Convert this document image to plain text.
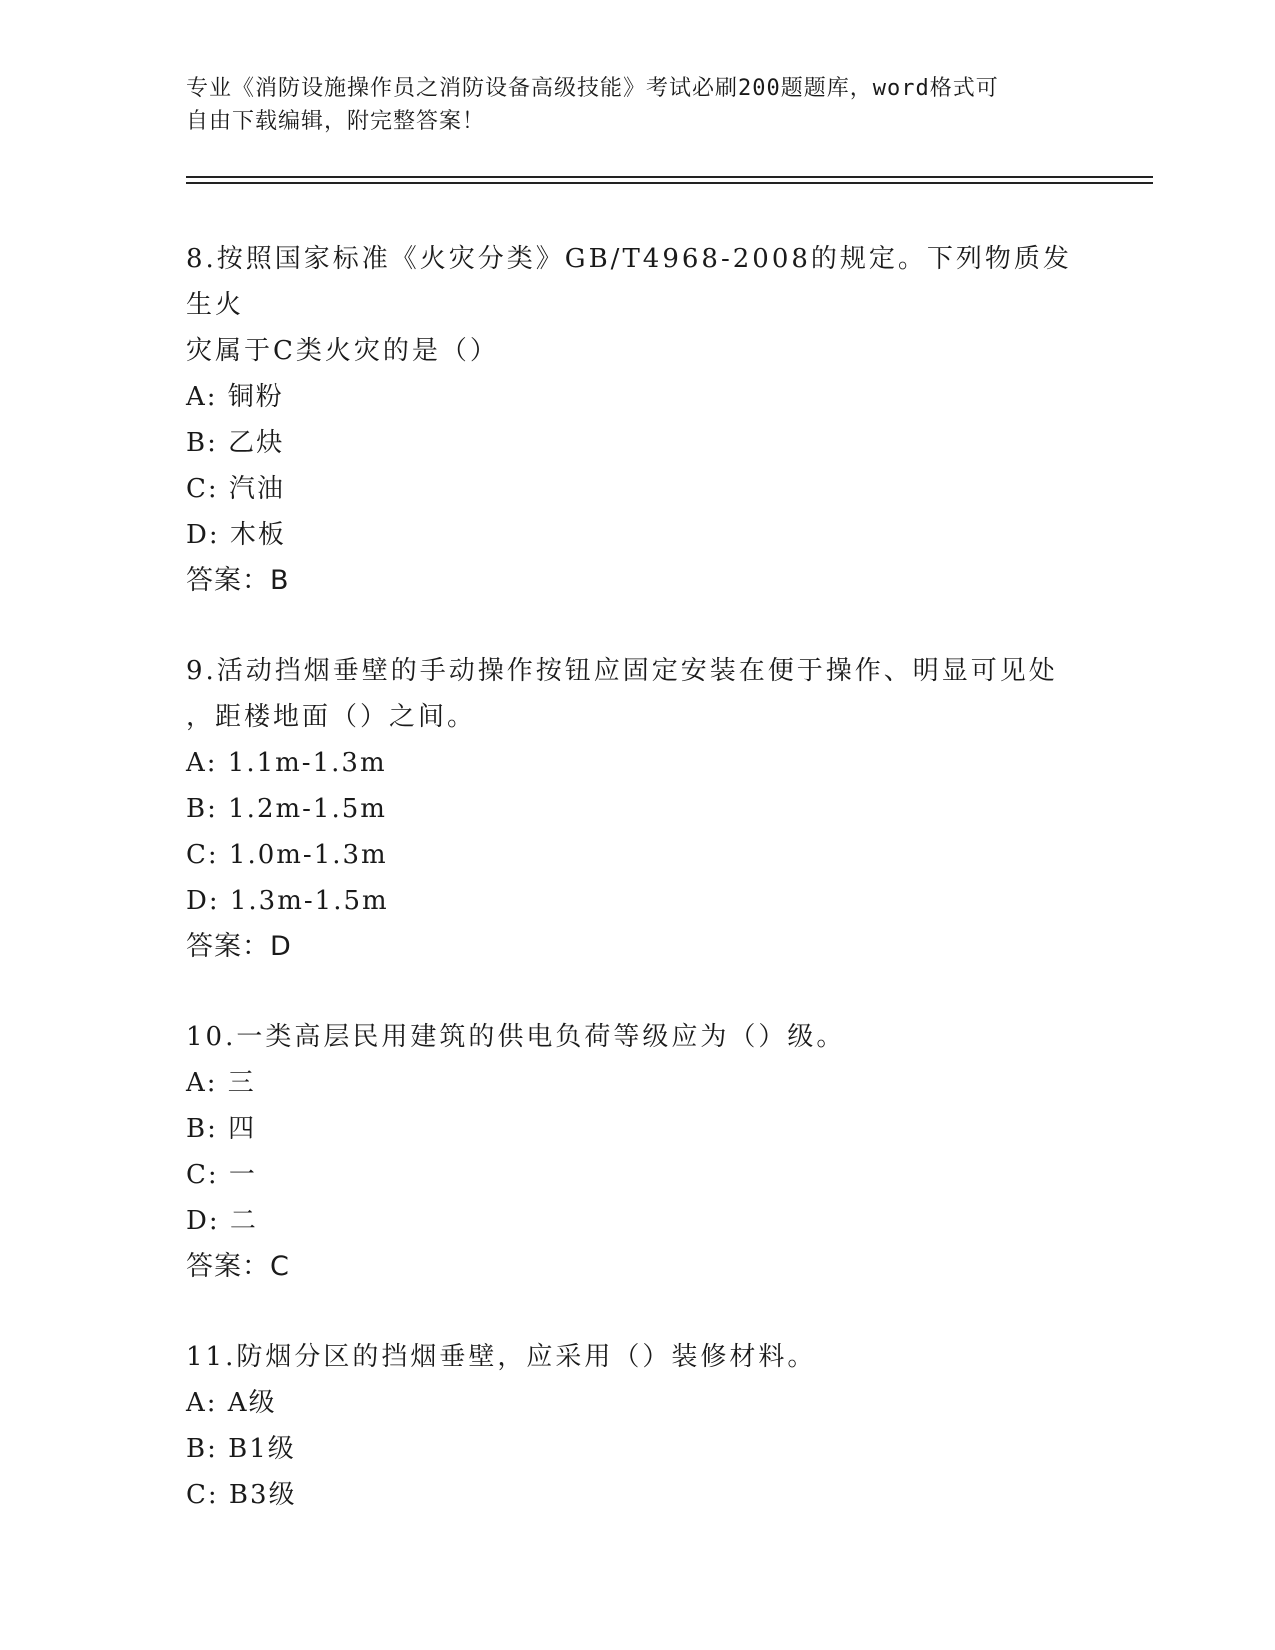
专业《消防设施操作员之消防设备高级技能》考试必刷200题题库，word格式可
自由下载编辑，附完整答案！
8.按照国家标准《火灾分类》GB/T4968-2008的规定。下列物质发生火
灾属于C类火灾的是（）
A: 铜粉
B: 乙炔
C: 汽油
D: 木板
答案：B
9.活动挡烟垂壁的手动操作按钮应固定安装在便于操作、明显可见处
，距楼地面（）之间。
A: 1.1m-1.3m
B: 1.2m-1.5m
C: 1.0m-1.3m
D: 1.3m-1.5m
答案：D
10.一类高层民用建筑的供电负荷等级应为（）级。
A: 三
B: 四
C: 一
D: 二
答案：C
11.防烟分区的挡烟垂壁，应采用（）装修材料。
A: A级
B: B1级
C: B3级
